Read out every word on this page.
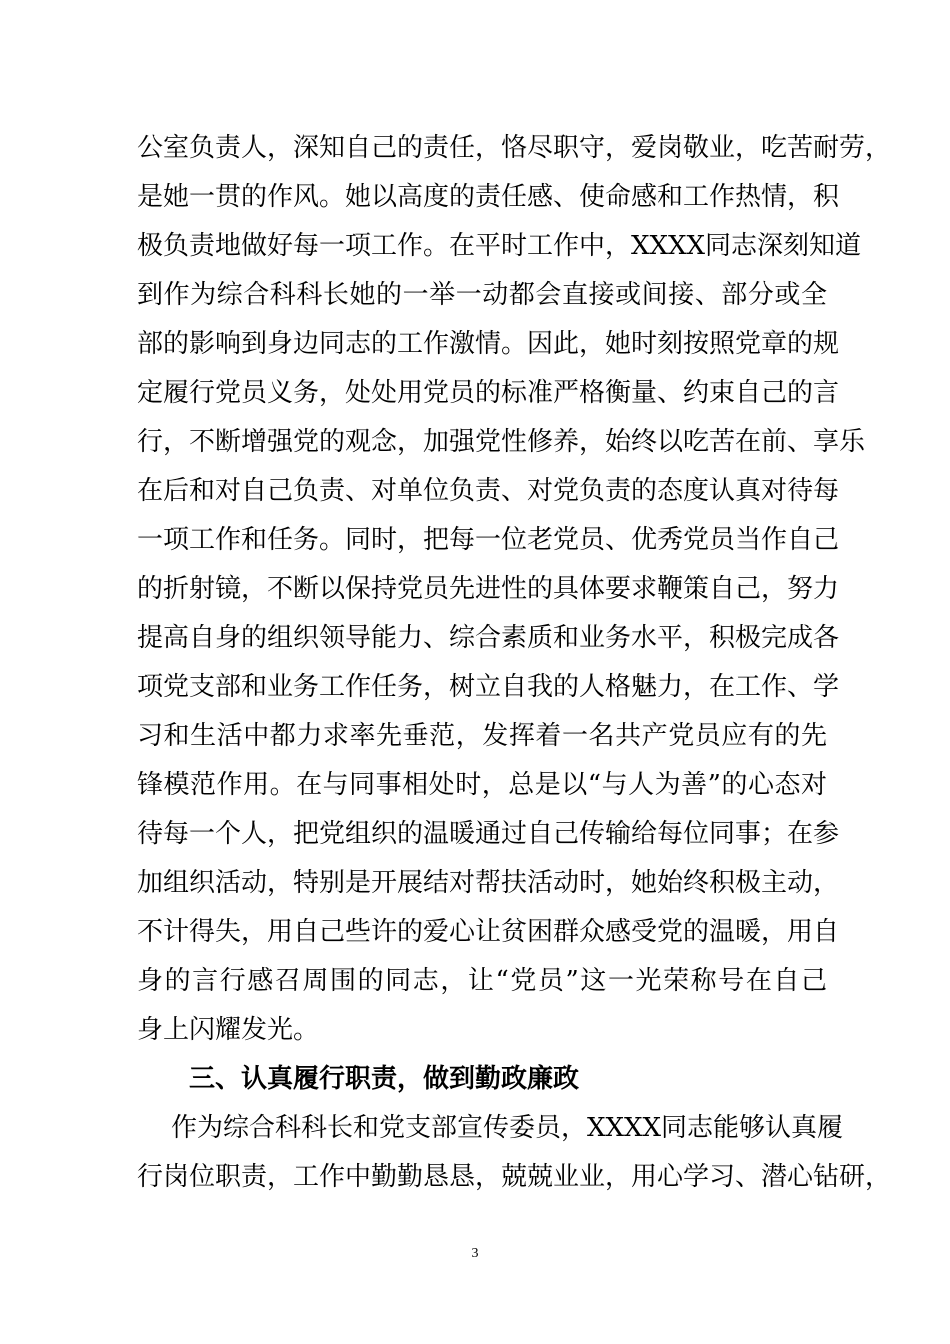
公室负责人，深知自己的责任，恪尽职守，爱岗敬业，吃苦耐劳，
是她一贯的作风。她以高度的责任感、使命感和工作热情，积
极负责地做好每一项工作。在平时工作中，XXXX同志深刻知道
到作为综合科科长她的一举一动都会直接或间接、部分或全
部的影响到身边同志的工作激情。因此，她时刻按照党章的规
定履行党员义务，处处用党员的标准严格衡量、约束自己的言
行，不断增强党的观念，加强党性修养，始终以吃苦在前、享乐
在后和对自己负责、对单位负责、对党负责的态度认真对待每
一项工作和任务。同时，把每一位老党员、优秀党员当作自己
的折射镜，不断以保持党员先进性的具体要求鞭策自己，努力
提高自身的组织领导能力、综合素质和业务水平，积极完成各
项党支部和业务工作任务，树立自我的人格魅力，在工作、学
习和生活中都力求率先垂范，发挥着一名共产党员应有的先
锋模范作用。在与同事相处时，总是以“与人为善”的心态对
待每一个人，把党组织的温暖通过自己传输给每位同事；在参
加组织活动，特别是开展结对帮扶活动时，她始终积极主动，
不计得失，用自己些许的爱心让贫困群众感受党的温暖，用自
身的言行感召周围的同志，让“党员”这一光荣称号在自己
身上闪耀发光。
三、认真履行职责，做到勤政廉政
作为综合科科长和党支部宣传委员，XXXX同志能够认真履
行岗位职责，工作中勤勤恳恳，兢兢业业，用心学习、潜心钻研，
3
